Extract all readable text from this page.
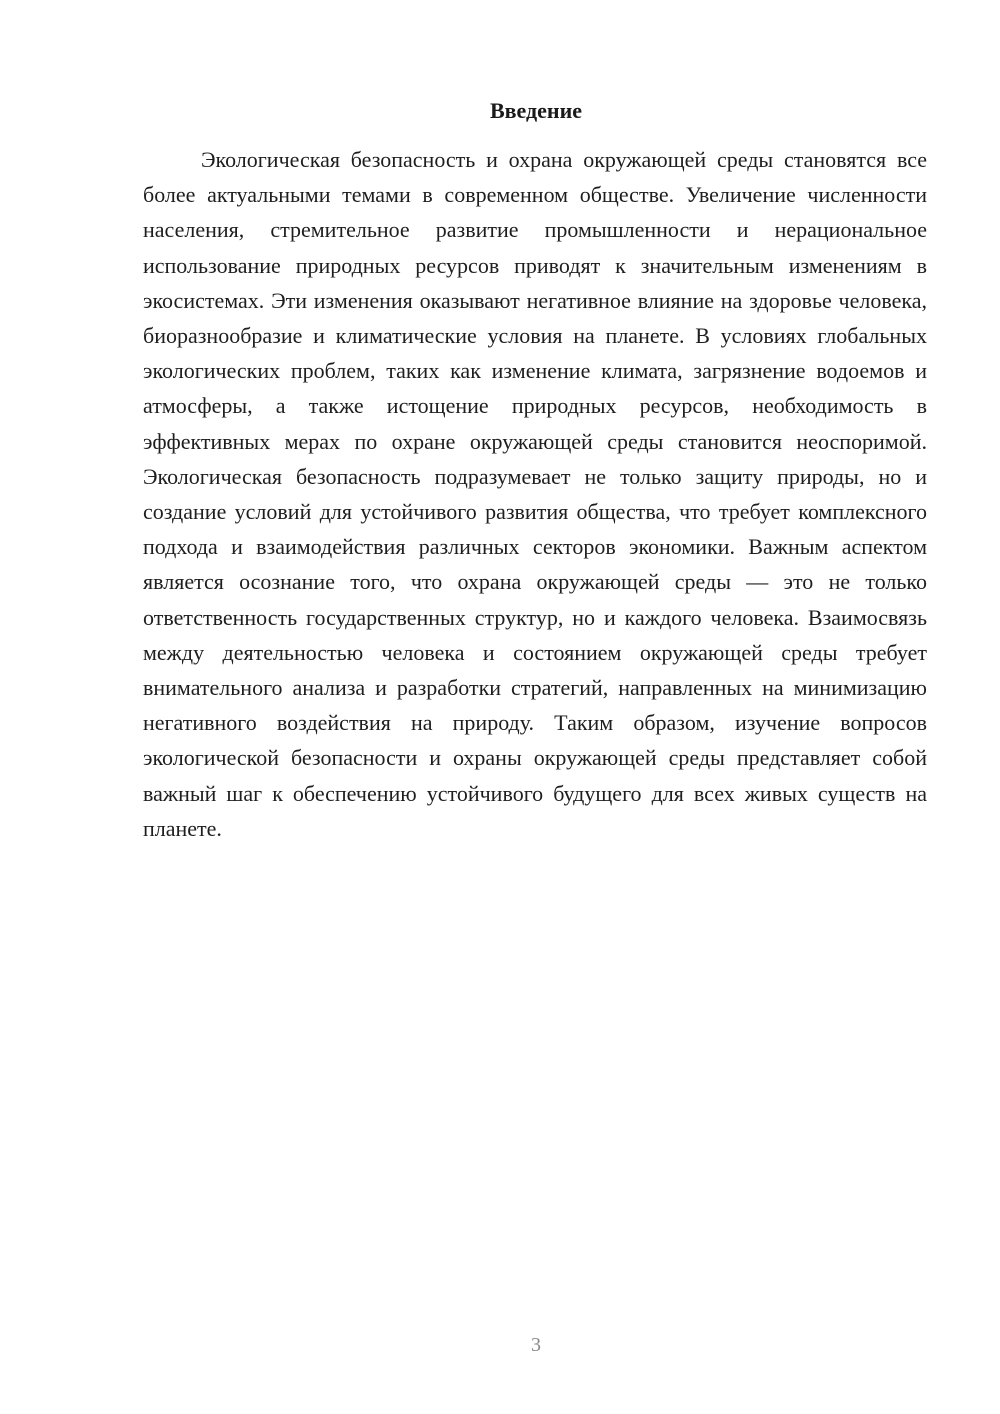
Введение

Экологическая безопасность и охрана окружающей среды становятся все более актуальными темами в современном обществе. Увеличение численности населения, стремительное развитие промышленности и нерациональное использование природных ресурсов приводят к значительным изменениям в экосистемах. Эти изменения оказывают негативное влияние на здоровье человека, биоразнообразие и климатические условия на планете. В условиях глобальных экологических проблем, таких как изменение климата, загрязнение водоемов и атмосферы, а также истощение природных ресурсов, необходимость в эффективных мерах по охране окружающей среды становится неоспоримой. Экологическая безопасность подразумевает не только защиту природы, но и создание условий для устойчивого развития общества, что требует комплексного подхода и взаимодействия различных секторов экономики. Важным аспектом является осознание того, что охрана окружающей среды — это не только ответственность государственных структур, но и каждого человека. Взаимосвязь между деятельностью человека и состоянием окружающей среды требует внимательного анализа и разработки стратегий, направленных на минимизацию негативного воздействия на природу. Таким образом, изучение вопросов экологической безопасности и охраны окружающей среды представляет собой важный шаг к обеспечению устойчивого будущего для всех живых существ на планете.

3
